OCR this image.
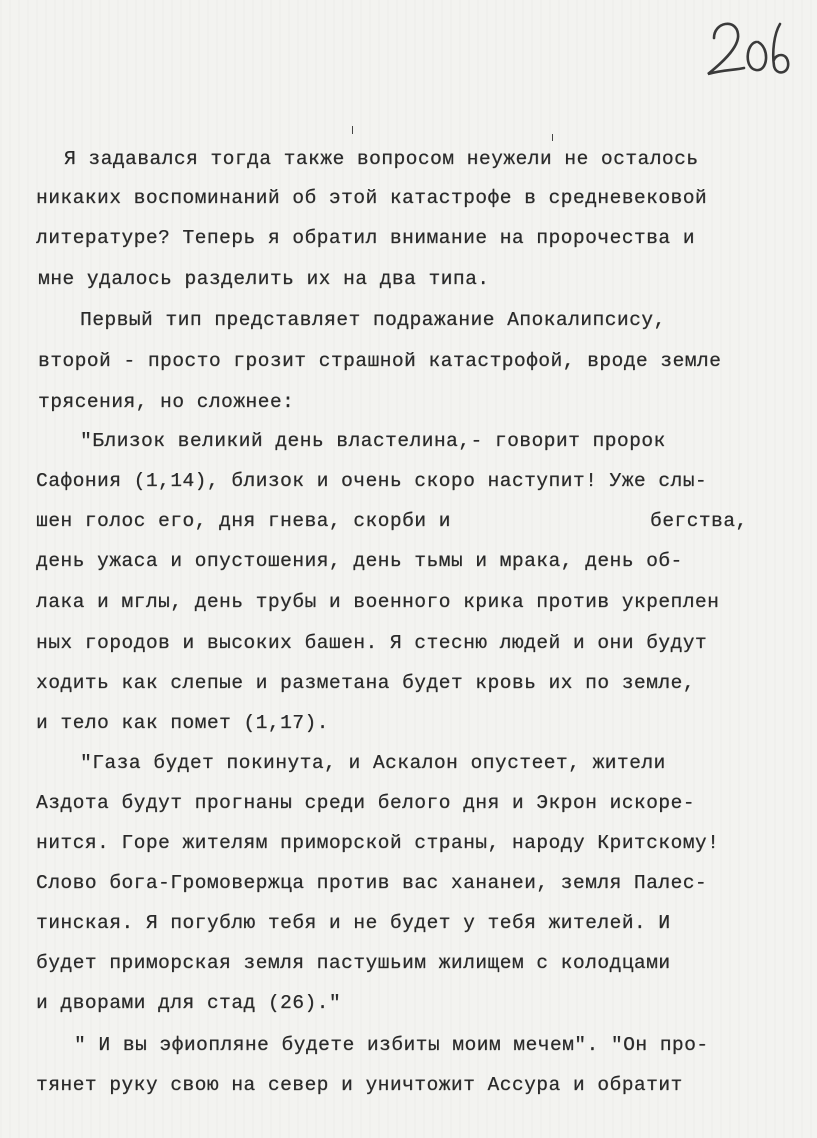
Я задавался тогда также вопросом неужели не осталось
никаких воспоминаний об этой катастрофе в средневековой
литературе? Теперь я обратил внимание на пророчества и
мне удалось разделить их на два типа.
Первый тип представляет подражание Апокалипсису,
второй - просто грозит страшной катастрофой, вроде земле
трясения, но сложнее:
"Близок великий день властелина,- говорит пророк
Сафония (1,14), близок и очень скоро наступит! Уже слы-
шен голос его, дня гнева, скорби и	бегства,
день ужаса и опустошения, день тьмы и мрака, день об-
лака и мглы, день трубы и военного крика против укреплен
ных городов и высоких башен. Я стесню людей и они будут
ходить как слепые и разметана будет кровь их по земле,
и тело как помет (1,17).
"Газа будет покинута, и Аскалон опустеет, жители
Аздота будут прогнаны среди белого дня и Экрон искоре-
нится. Горе жителям приморской страны, народу Критскому!
Слово бога-Громовержца против вас хананеи, земля Палес-
тинская. Я погублю тебя и не будет у тебя жителей. И
будет приморская земля пастушьим жилищем с колодцами
и дворами для стад (26)."
" И вы эфиопляне будете избиты моим мечем". "Он про-
тянет руку свою на север и уничтожит Ассура и обратит
